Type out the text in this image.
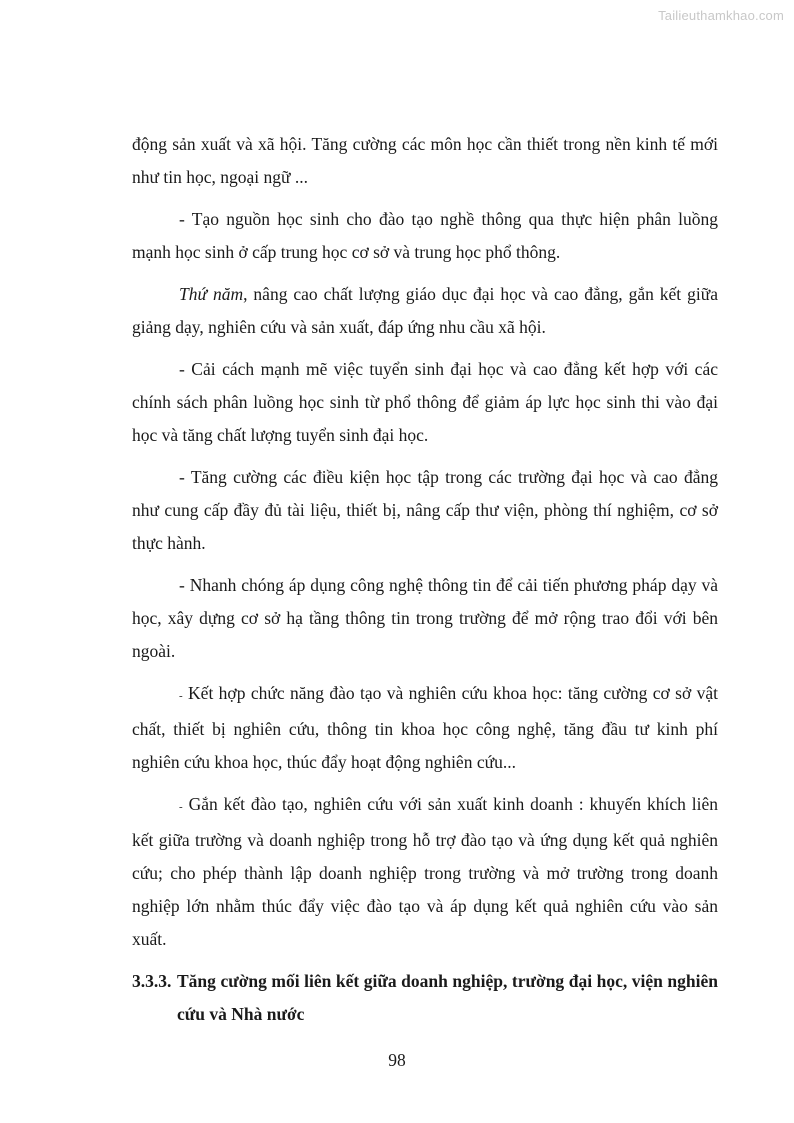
Tailieuthamkhao.com

động sản xuất và xã hội. Tăng cường các môn học cần thiết trong nền kinh tế mới như tin học, ngoại ngữ ...

- Tạo nguồn học sinh cho đào tạo nghề thông qua thực hiện phân luồng mạnh học sinh ở cấp trung học cơ sở và trung học phổ thông.

Thứ năm, nâng cao chất lượng giáo dục đại học và cao đẳng, gắn kết giữa giảng dạy, nghiên cứu và sản xuất, đáp ứng nhu cầu xã hội.

- Cải cách mạnh mẽ việc tuyển sinh đại học và cao đẳng kết hợp với các chính sách phân luồng học sinh từ phổ thông để giảm áp lực học sinh thi vào đại học và tăng chất lượng tuyển sinh đại học.

- Tăng cường các điều kiện học tập trong các trường đại học và cao đẳng như cung cấp đầy đủ tài liệu, thiết bị, nâng cấp thư viện, phòng thí nghiệm, cơ sở thực hành.

- Nhanh chóng áp dụng công nghệ thông tin để cải tiến phương pháp dạy và học, xây dựng cơ sở hạ tầng thông tin trong trường để mở rộng trao đổi với bên ngoài.

- Kết hợp chức năng đào tạo và nghiên cứu khoa học: tăng cường cơ sở vật chất, thiết bị nghiên cứu, thông tin khoa học công nghệ, tăng đầu tư kinh phí nghiên cứu khoa học, thúc đẩy hoạt động nghiên cứu...

- Gắn kết đào tạo, nghiên cứu với sản xuất kinh doanh : khuyến khích liên kết giữa trường và doanh nghiệp trong hỗ trợ đào tạo và ứng dụng kết quả nghiên cứu; cho phép thành lập doanh nghiệp trong trường và mở trường trong doanh nghiệp lớn nhằm thúc đẩy việc đào tạo và áp dụng kết quả nghiên cứu vào sản xuất.

3.3.3. Tăng cường mối liên kết giữa doanh nghiệp, trường đại học, viện nghiên cứu và Nhà nước
98
